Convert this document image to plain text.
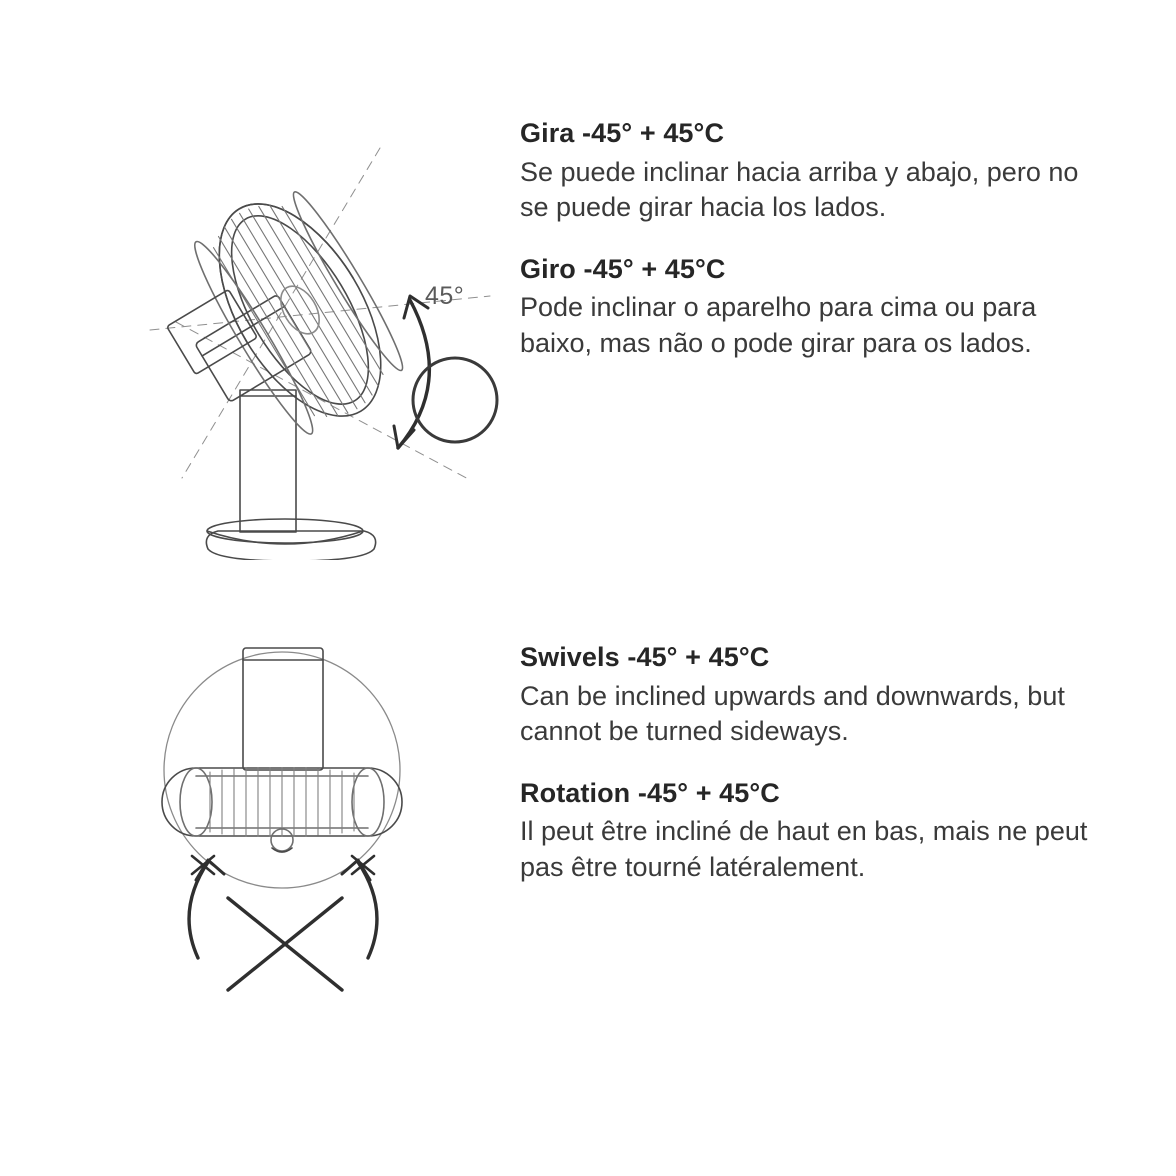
45°
Gira -45° + 45°C

Se puede inclinar hacia arriba y abajo, pero no se puede girar hacia los lados.

Giro -45° + 45°C

Pode inclinar o aparelho para cima ou para baixo, mas não o pode girar para os lados.

Swivels -45° + 45°C

Can be inclined upwards and downwards, but cannot be turned sideways.

Rotation -45° + 45°C

Il peut être incliné de haut en bas, mais ne peut pas être tourné latéralement.
